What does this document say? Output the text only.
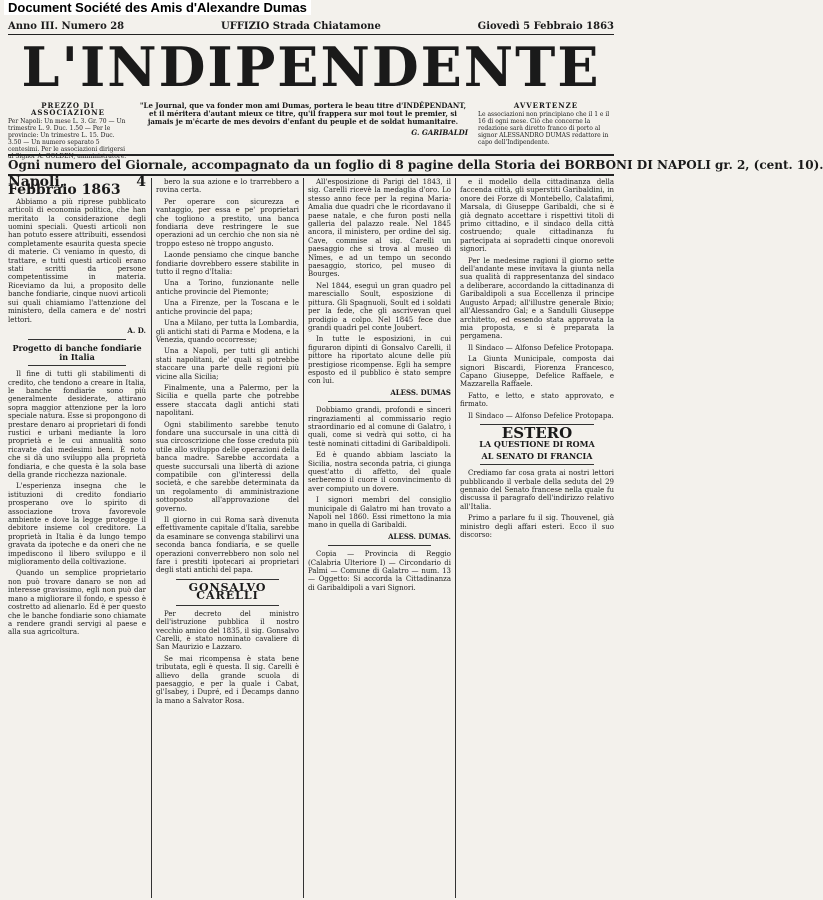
Document Société des Amis d'Alexandre Dumas
Anno III. Numero 28	UFFIZIO Strada Chiatamone	Giovedì 5 Febbraio 1863
L'INDIPENDENTE
PREZZO DI ASSOCIAZIONE
Per Napoli: Un mese L. 3. Gr. 70 — Un trimestre L. 9. Duc. 1.50 — Per le provincie: Un trimestre L. 15. Duc. 3.50 — Un numero separato 5 centesimi. Per le associazioni dirigersi al Signor A. GOLDEN, amministratore.
"Le Journal, que va fonder mon ami Dumas, portera le beau titre d'INDÉPENDANT, et il méritera d'autant mieux ce titre, qu'il frappera sur moi tout le premier, si jamais je m'écarte de mes devoirs d'enfant du peuple et de soldat humanitaire.
G. GARIBALDI
AVVERTENZE
Le associazioni non principiano che il 1 e il 16 di ogni mese. Ciò che concerne la redazione sarà diretto franco di porto al signor ALESSANDRO DUMAS redattore in capo dell'Indipendente.
Ogni numero del Giornale, accompagnato da un foglio di 8 pagine della Storia dei BORBONI DI NAPOLI gr. 2, (cent. 10).

Napoli, 4 Febbraio 1863

Abbiamo a più riprese pubblicato articoli di economia politica, che han meritato la considerazione degli uomini speciali. Questi articoli non han potuto essere attribuiti, essendosi completamente esaurita questa specie di materie. Ci veniamo in questo, di trattare, e tutti questi articoli erano stati scritti da persone competentissime in materia. Riceviamo da lui, a proposito delle banche fondiarie, cinque nuovi articoli sui quali chiamiamo l'attenzione del ministero, della camera e de' nostri lettori.

A. D.

Progetto di banche fondiarie in Italia

Il fine di tutti gli stabilimenti di credito, che tendono a creare in Italia, le banche fondiarie sono più generalmente desiderate, attirano sopra maggior attenzione per la loro speciale natura. Esse si propongono di prestare denaro ai proprietari di fondi rustici e urbani mediante la loro proprietà e le cui annualità sono ricavate dai medesimi beni. È noto che si dà uno sviluppo alla proprietà fondiaria, e che questa è la sola base della grande ricchezza nazionale.

L'esperienza insegna che le istituzioni di credito fondiario prosperano ove lo spirito di associazione trova favorevole ambiente e dove la legge protegge il debitore insieme col creditore. La proprietà in Italia è da lungo tempo gravata da ipoteche e da oneri che ne impediscono il libero sviluppo e il miglioramento della coltivazione.

Quando un semplice proprietario non può trovare danaro se non ad interesse gravissimo, egli non può dar mano a migliorare il fondo, e spesso è costretto ad alienarlo. Ed è per questo che le banche fondiarie sono chiamate a rendere grandi servigi al paese e alla sua agricoltura.

bero la sua azione e lo trarrebbero a rovina certa.

Per operare con sicurezza e vantaggio, per essa e pe' proprietari che togliono a prestito, una banca fondiaria deve restringere le sue operazioni ad un cerchio che non sia nè troppo esteso nè troppo angusto.

Laonde pensiamo che cinque banche fondiarie dovrebbero essere stabilite in tutto il regno d'Italia:

Una a Torino, funzionante nelle antiche provincie del Piemonte;

Una a Firenze, per la Toscana e le antiche provincie del papa;

Una a Milano, per tutta la Lombardia, gli antichi stati di Parma e Modena, e la Venezia, quando occorresse;

Una a Napoli, per tutti gli antichi stati napolitani, de' quali si potrebbe staccare una parte delle regioni più vicine alla Sicilia;

Finalmente, una a Palermo, per la Sicilia e quella parte che potrebbe essere staccata dagli antichi stati napolitani.

Ogni stabilimento sarebbe tenuto fondare una succursale in una città di sua circoscrizione che fosse creduta più utile allo sviluppo delle operazioni della banca madre. Sarebbe accordata a queste succursali una libertà di azione compatibile con gl'interessi della società, e che sarebbe determinata da un regolamento di amministrazione sottoposto all'approvazione del governo.

Il giorno in cui Roma sarà divenuta effettivamente capitale d'Italia, sarebbe da esaminare se convenga stabilirvi una seconda banca fondiaria, e se quelle operazioni converrebbero non solo nel fare i prestiti ipotecari ai proprietari degli stati antichi del papa.

GONSALVO CARELLI

Per decreto del ministro dell'istruzione pubblica il nostro vecchio amico del 1835, il sig. Gonsalvo Carelli, è stato nominato cavaliere di San Maurizio e Lazzaro.

Se mai ricompensa è stata bene tributata, egli è questa. Il sig. Carelli è allievo della grande scuola di paesaggio, e per la quale i Cabat, gl'Isabey, i Dupré, ed i Decamps danno la mano a Salvator Rosa.

All'esposizione di Parigi del 1843, il sig. Carelli ricevè la medaglia d'oro. Lo stesso anno fece per la regina Maria-Amalia due quadri che le ricordavano il paese natale, e che furon posti nella galleria del palazzo reale. Nel 1845 ancora, il ministero, per ordine del sig. Cave, commise al sig. Carelli un paesaggio che si trova al museo di Nîmes, e ad un tempo un secondo paesaggio, storico, pel museo di Bourges.

Nel 1844, eseguì un gran quadro pel maresciallo Soult, esposizione di pittura. Gli Spagnuoli, Soult ed i soldati per la fede, che gli ascrivevan quel prodigio a colpo. Nel 1845 fece due grandi quadri pel conte Joubert.

In tutte le esposizioni, in cui figuraron dipinti di Gonsalvo Carelli, il pittore ha riportato alcune delle più prestigiose ricompense. Egli ha sempre esposto ed il pubblico è stato sempre con lui.

ALESS. DUMAS

Dobbiamo grandi, profondi e sinceri ringraziamenti al commissario regio straordinario ed al comune di Galatro, i quali, come si vedrà qui sotto, ci ha testè nominati cittadini di Garibaldipoli.

Ed è quando abbiam lasciato la Sicilia, nostra seconda patria, ci giunga quest'atto di affetto, del quale serberemo il cuore il convincimento di aver compiuto un dovere.

I signori membri del consiglio municipale di Galatro mi han trovato a Napoli nel 1860. Essi rimettono la mia mano in quella di Garibaldi.

ALESS. DUMAS.

Copia — Provincia di Reggio (Calabria Ulteriore I) — Circondario di Palmi — Comune di Galatro — num. 13 — Oggetto: Si accorda la Cittadinanza di Garibaldipoli a vari Signori.

e il modello della cittadinanza della faccenda città, gli superstiti Garibaldini, in onore dei Forze di Montebello, Calatafimi, Marsala, di Giuseppe Garibaldi, che si è già degnato accettare i rispettivi titoli di primo cittadino, e il sindaco della città costruendo; quale cittadinanza fu partecipata ai sopradetti cinque onorevoli signori.

Per le medesime ragioni il giorno sette dell'andante mese invitava la giunta nella sua qualità di rappresentanza del sindaco a deliberare, accordando la cittadinanza di Garibaldipoli a sua Eccellenza il principe Augusto Arpad; all'illustre generale Bixio; all'Alessandro Gal; e a Sandulli Giuseppe architetto, ed essendo stata approvata la mia proposta, e si è preparata la pergamena.

Il Sindaco — Alfonso Defelice Protopapa.

La Giunta Municipale, composta dai signori Biscardi, Fiorenza Francesco, Capano Giuseppe, Defelice Raffaele, e Mazzarella Raffaele.

Fatto, e letto, e stato approvato, e firmato.

Il Sindaco — Alfonso Defelice Protopapa.

ESTERO

LA QUESTIONE DI ROMA

AL SENATO DI FRANCIA

Crediamo far cosa grata ai nostri lettori pubblicando il verbale della seduta del 29 gennaio del Senato francese nella quale fu discussa il paragrafo dell'indirizzo relativo all'Italia.

Primo a parlare fu il sig. Thouvenel, già ministro degli affari esteri. Ecco il suo discorso:
